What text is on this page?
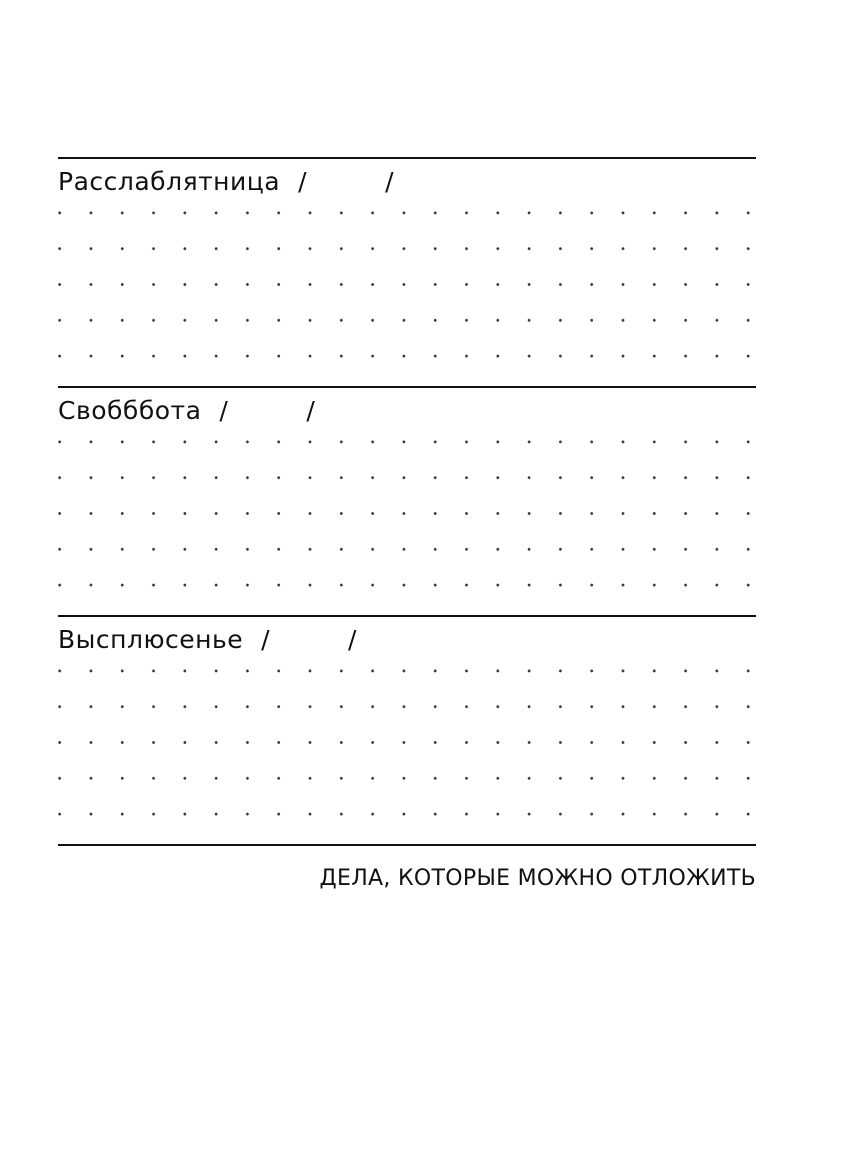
Расслаблятница /	/
Свобббота /	/
Высплюсенье /	/
ДЕЛА, КОТОРЫЕ МОЖНО ОТЛОЖИТЬ
